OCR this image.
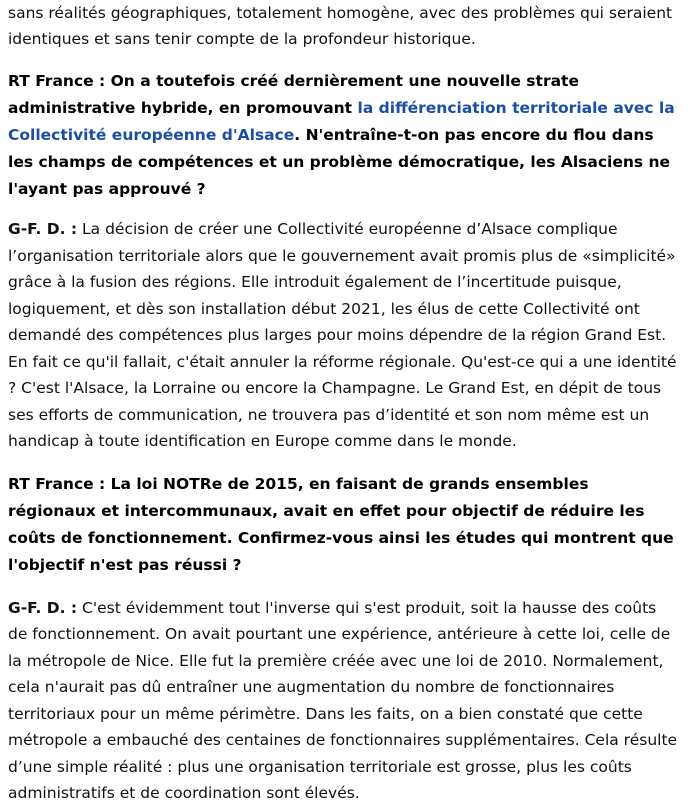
sans réalités géographiques, totalement homogène, avec des problèmes qui seraient identiques et sans tenir compte de la profondeur historique.

RT France : On a toutefois créé dernièrement une nouvelle strate administrative hybride, en promouvant la différenciation territoriale avec la Collectivité européenne d'Alsace. N'entraîne-t-on pas encore du flou dans les champs de compétences et un problème démocratique, les Alsaciens ne l'ayant pas approuvé ?

G-F. D. : La décision de créer une Collectivité européenne d’Alsace complique l’organisation territoriale alors que le gouvernement avait promis plus de «simplicité» grâce à la fusion des régions. Elle introduit également de l’incertitude puisque, logiquement, et dès son installation début 2021, les élus de cette Collectivité ont demandé des compétences plus larges pour moins dépendre de la région Grand Est. En fait ce qu'il fallait, c'était annuler la réforme régionale. Qu'est-ce qui a une identité ? C'est l'Alsace, la Lorraine ou encore la Champagne. Le Grand Est, en dépit de tous ses efforts de communication, ne trouvera pas d’identité et son nom même est un handicap à toute identification en Europe comme dans le monde.

RT France : La loi NOTRe de 2015, en faisant de grands ensembles régionaux et intercommunaux, avait en effet pour objectif de réduire les coûts de fonctionnement. Confirmez-vous ainsi les études qui montrent que l'objectif n'est pas réussi ?

G-F. D. : C'est évidemment tout l'inverse qui s'est produit, soit la hausse des coûts de fonctionnement. On avait pourtant une expérience, antérieure à cette loi, celle de la métropole de Nice. Elle fut la première créée avec une loi de 2010. Normalement, cela n'aurait pas dû entraîner une augmentation du nombre de fonctionnaires territoriaux pour un même périmètre. Dans les faits, on a bien constaté que cette métropole a embauché des centaines de fonctionnaires supplémentaires. Cela résulte d’une simple réalité : plus une organisation territoriale est grosse, plus les coûts administratifs et de coordination sont élevés.
